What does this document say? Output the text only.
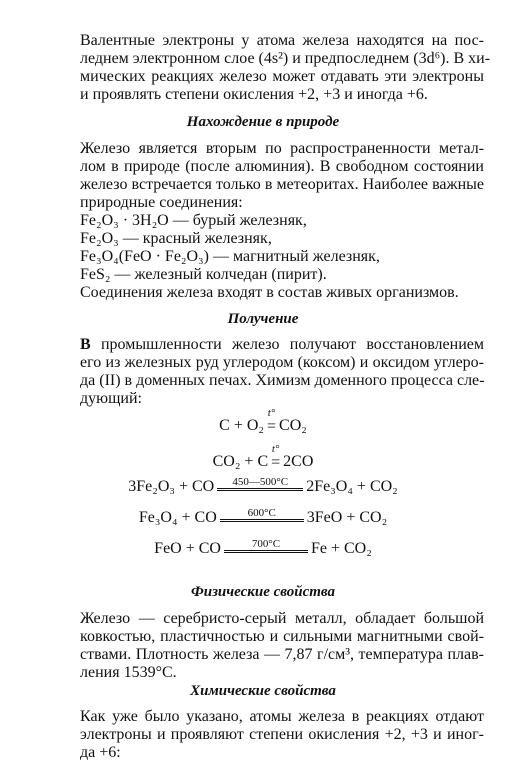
Валентные электроны у атома железа находятся на пос-
леднем электронном слое (4s²) и предпоследнем (3d⁶). В хи-
мических реакциях железо может отдавать эти электроны
и проявлять степени окисления +2, +3 и иногда +6.
Нахождение в природе
Железо является вторым по распространенности метал-
лом в природе (после алюминия). В свободном состоянии
железо встречается только в метеоритах. Наиболее важные
природные соединения:
Fe₂O₃ · 3H₂O — бурый железняк,
Fe₂O₃ — красный железняк,
Fe₃O₄(FeO · Fe₂O₃) — магнитный железняк,
FeS₂ — железный колчедан (пирит).
Соединения железа входят в состав живых организмов.
Получение
В промышленности железо получают восстановлением
его из железных руд углеродом (коксом) и оксидом углеро-
да (II) в доменных печах. Химизм доменного процесса сле-
дующий:
C + O₂
t°
= CO₂
CO₂ + C
t°
= 2CO
3Fe₂O₃ + CO 450—500°C 2Fe₃O₄ + CO₂
Fe₃O₄ + CO	600°C 3FeO + CO₂
FeO + CO	700°C Fe + CO₂
Физические свойства
Железо — серебристо-серый металл, обладает большой
ковкостью, пластичностью и сильными магнитными свой-
ствами. Плотность железа — 7,87 г/см³, температура плав-
ления 1539°C.
Химические свойства
Как уже было указано, атомы железа в реакциях отдают
электроны и проявляют степени окисления +2, +3 и иног-
да +6:
